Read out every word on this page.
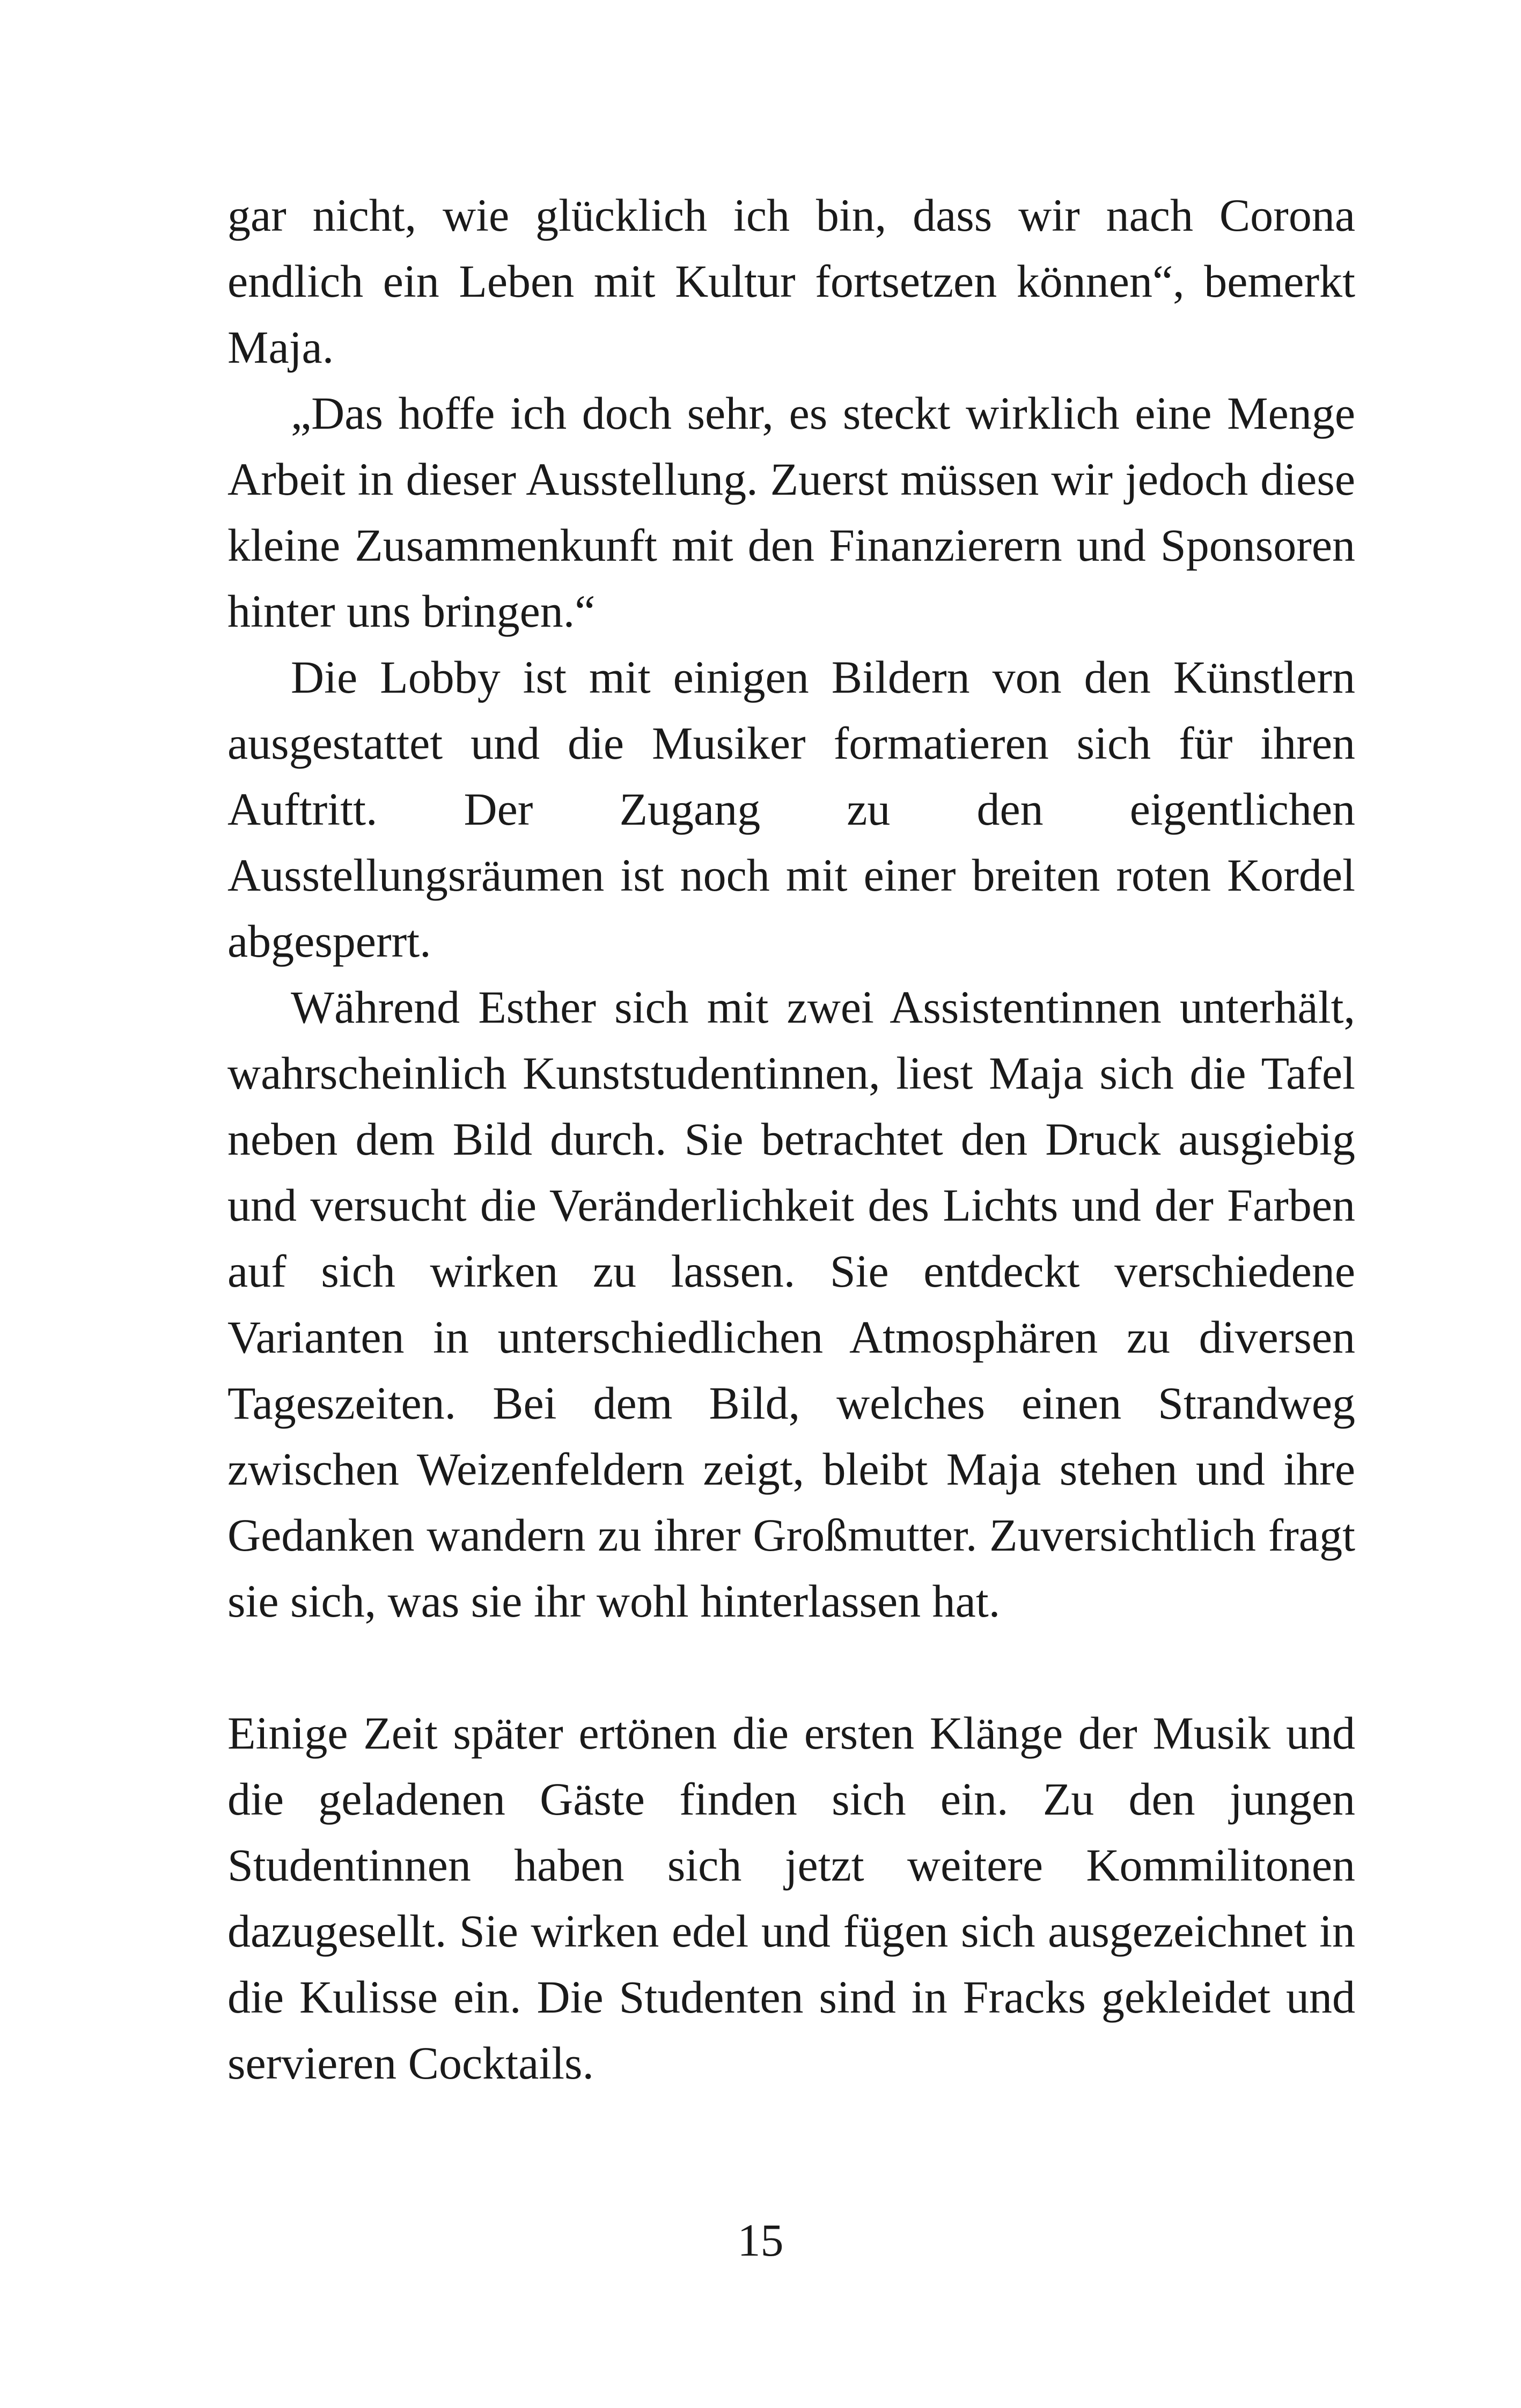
gar nicht, wie glücklich ich bin, dass wir nach Corona endlich ein Leben mit Kultur fortsetzen können“, bemerkt Maja.

„Das hoffe ich doch sehr, es steckt wirklich eine Menge Arbeit in dieser Ausstellung. Zuerst müssen wir jedoch diese kleine Zusammenkunft mit den Finanzierern und Sponsoren hinter uns bringen.“

Die Lobby ist mit einigen Bildern von den Künstlern ausgestattet und die Musiker formatieren sich für ihren Auftritt. Der Zugang zu den eigentlichen Ausstellungsräumen ist noch mit einer breiten roten Kordel abgesperrt.

Während Esther sich mit zwei Assistentinnen unterhält, wahrscheinlich Kunststudentinnen, liest Maja sich die Tafel neben dem Bild durch. Sie betrachtet den Druck ausgiebig und versucht die Veränderlichkeit des Lichts und der Farben auf sich wirken zu lassen. Sie entdeckt verschiedene Varianten in unterschiedlichen Atmosphären zu diversen Tageszeiten. Bei dem Bild, welches einen Strandweg zwischen Weizenfeldern zeigt, bleibt Maja stehen und ihre Gedanken wandern zu ihrer Großmutter. Zuversichtlich fragt sie sich, was sie ihr wohl hinterlassen hat.

Einige Zeit später ertönen die ersten Klänge der Musik und die geladenen Gäste finden sich ein. Zu den jungen Studentinnen haben sich jetzt weitere Kommilitonen dazugesellt. Sie wirken edel und fügen sich ausgezeichnet in die Kulisse ein. Die Studenten sind in Fracks gekleidet und servieren Cocktails.

15
